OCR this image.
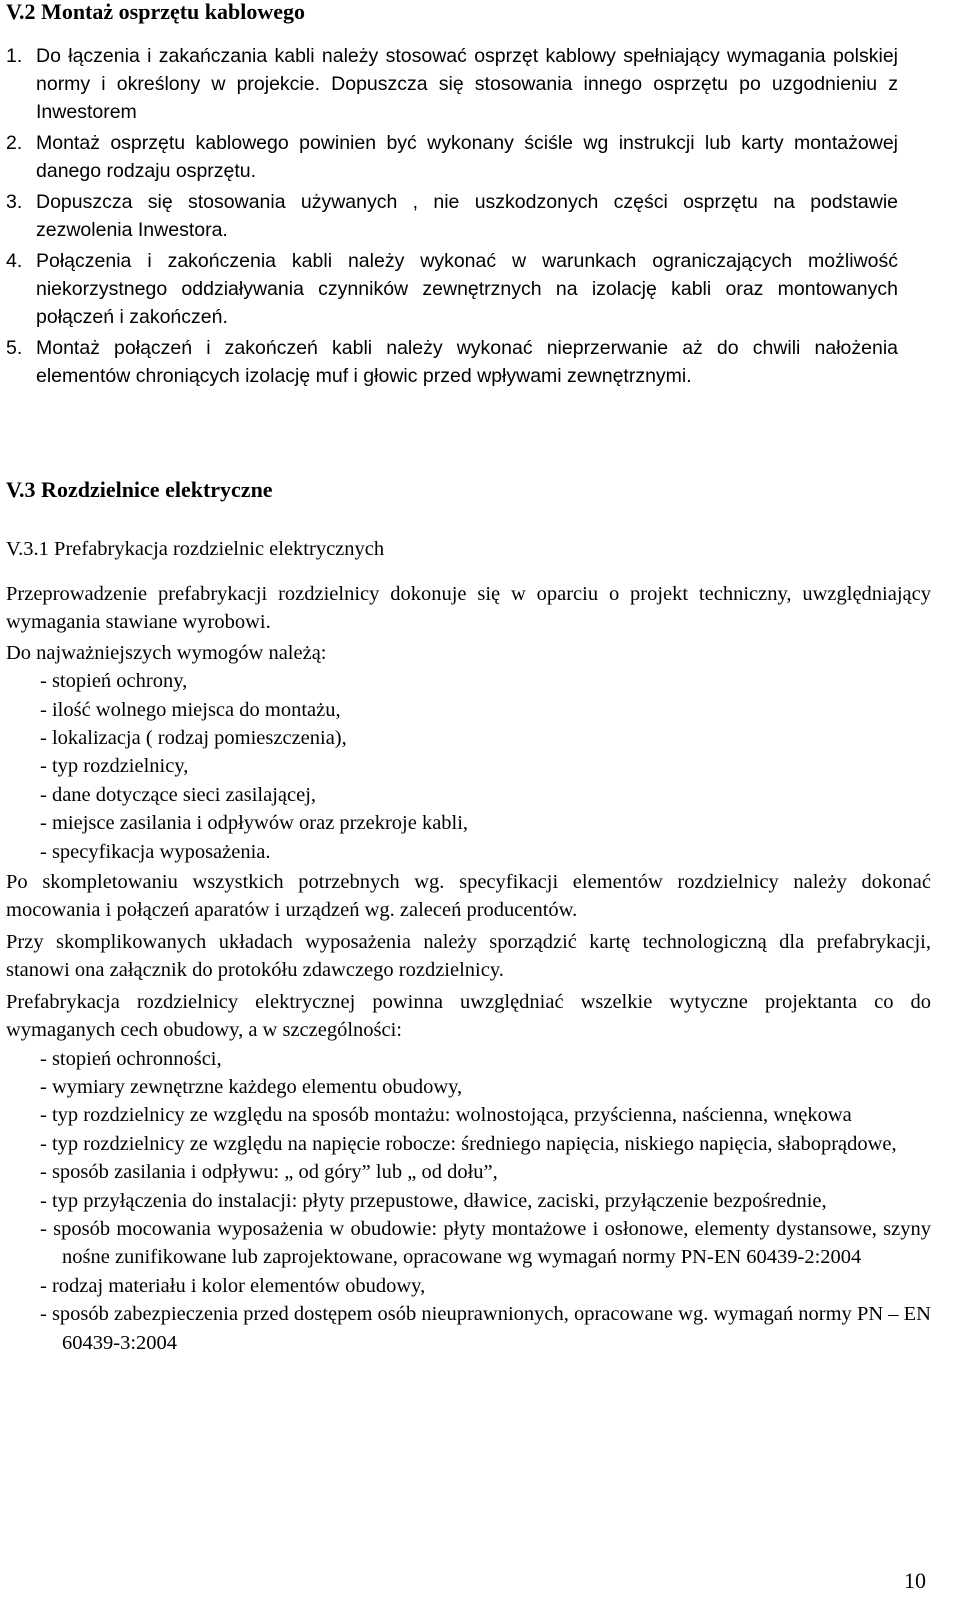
V.2 Montaż osprzętu kablowego
1. Do łączenia i zakańczania kabli należy stosować osprzęt kablowy spełniający wymagania polskiej normy i określony w projekcie. Dopuszcza się stosowania innego osprzętu po uzgodnieniu z Inwestorem
2. Montaż osprzętu kablowego powinien być wykonany ściśle wg instrukcji lub karty montażowej danego rodzaju osprzętu.
3. Dopuszcza się stosowania używanych , nie uszkodzonych części osprzętu na podstawie zezwolenia Inwestora.
4. Połączenia i zakończenia kabli należy wykonać w warunkach ograniczających możliwość niekorzystnego oddziaływania czynników zewnętrznych na izolację kabli oraz montowanych połączeń i zakończeń.
5. Montaż połączeń i zakończeń kabli należy wykonać nieprzerwanie aż do chwili nałożenia elementów chroniących izolację muf i głowic przed wpływami zewnętrznymi.
V.3 Rozdzielnice elektryczne
V.3.1 Prefabrykacja rozdzielnic elektrycznych

Przeprowadzenie prefabrykacji rozdzielnicy dokonuje się w oparciu o projekt techniczny, uwzględniający wymagania stawiane wyrobowi.

Do najważniejszych wymogów należą:

- stopień ochrony,
- ilość wolnego miejsca do montażu,
- lokalizacja ( rodzaj pomieszczenia),
- typ rozdzielnicy,
- dane dotyczące sieci zasilającej,
- miejsce zasilania i odpływów oraz przekroje kabli,
- specyfikacja wyposażenia.

Po skompletowaniu wszystkich potrzebnych wg. specyfikacji elementów rozdzielnicy należy dokonać mocowania i połączeń aparatów i urządzeń wg. zaleceń producentów.

Przy skomplikowanych układach wyposażenia należy sporządzić kartę technologiczną dla prefabrykacji, stanowi ona załącznik do protokółu zdawczego rozdzielnicy.

Prefabrykacja rozdzielnicy elektrycznej powinna uwzględniać wszelkie wytyczne projektanta co do wymaganych cech obudowy, a w szczególności:

- stopień ochronności,
- wymiary zewnętrzne każdego elementu obudowy,
- typ rozdzielnicy ze względu na sposób montażu: wolnostojąca, przyścienna, naścienna, wnękowa
- typ rozdzielnicy ze względu na napięcie robocze: średniego napięcia, niskiego napięcia, słaboprądowe,
- sposób zasilania i odpływu: „ od góry” lub „ od dołu”,
- typ przyłączenia do instalacji: płyty przepustowe, dławice, zaciski, przyłączenie bezpośrednie,
- sposób mocowania wyposażenia w obudowie: płyty montażowe i osłonowe, elementy dystansowe, szyny nośne zunifikowane lub zaprojektowane, opracowane wg wymagań normy PN-EN 60439-2:2004
- rodzaj materiału i kolor elementów obudowy,
- sposób zabezpieczenia przed dostępem osób nieuprawnionych, opracowane wg. wymagań normy PN – EN 60439-3:2004
10
